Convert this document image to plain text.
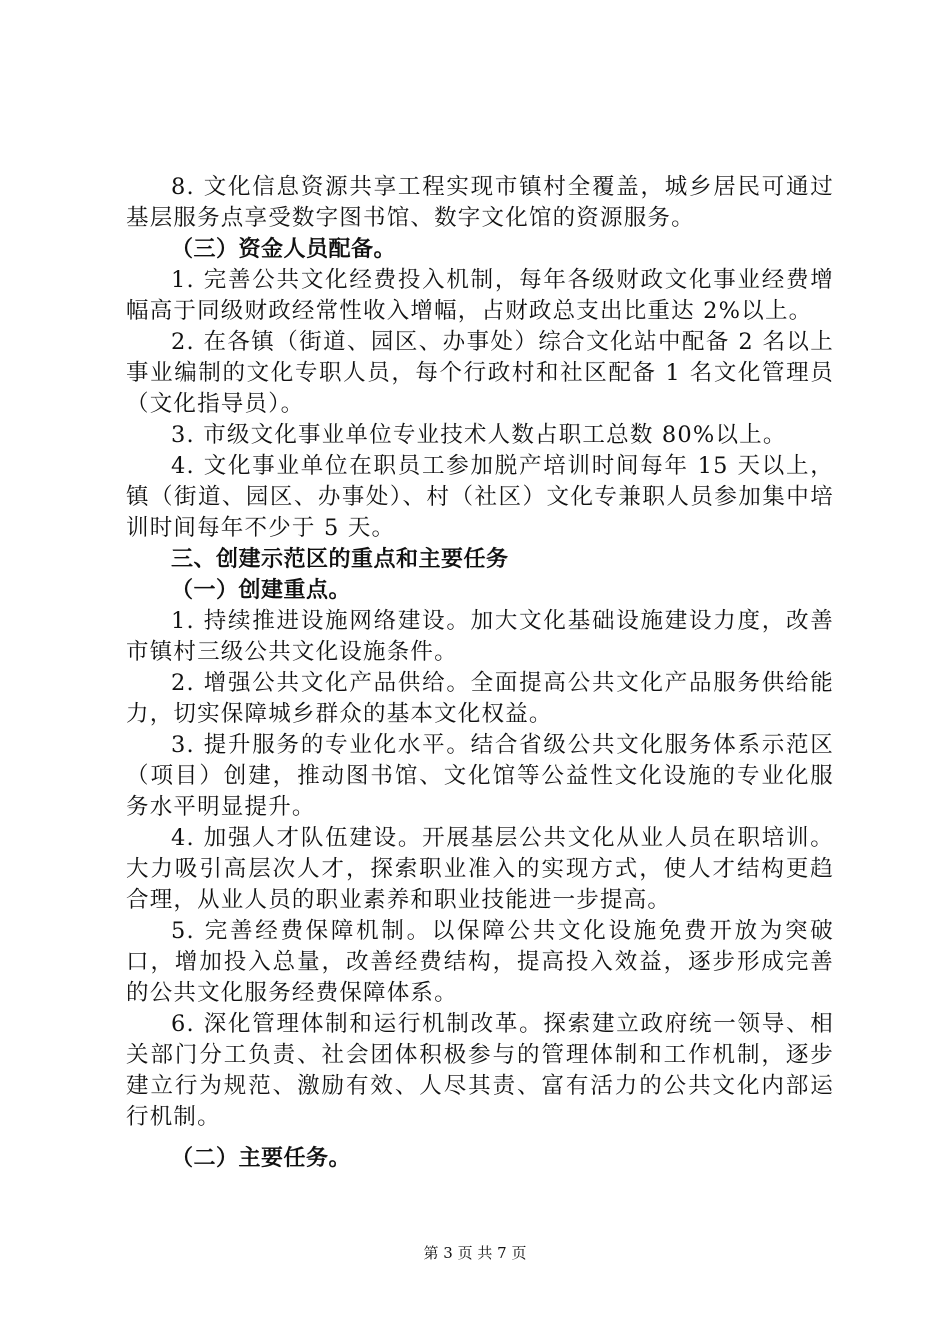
8. 文化信息资源共享工程实现市镇村全覆盖，城乡居民可通过基层服务点享受数字图书馆、数字文化馆的资源服务。

（三）资金人员配备。

1. 完善公共文化经费投入机制，每年各级财政文化事业经费增幅高于同级财政经常性收入增幅，占财政总支出比重达 2%以上。

2. 在各镇（街道、园区、办事处）综合文化站中配备 2 名以上事业编制的文化专职人员，每个行政村和社区配备 1 名文化管理员（文化指导员）。

3. 市级文化事业单位专业技术人数占职工总数 80%以上。

4. 文化事业单位在职员工参加脱产培训时间每年 15 天以上，镇（街道、园区、办事处）、村（社区）文化专兼职人员参加集中培训时间每年不少于 5 天。

三、创建示范区的重点和主要任务

（一）创建重点。

1. 持续推进设施网络建设。加大文化基础设施建设力度，改善市镇村三级公共文化设施条件。

2. 增强公共文化产品供给。全面提高公共文化产品服务供给能力，切实保障城乡群众的基本文化权益。

3. 提升服务的专业化水平。结合省级公共文化服务体系示范区（项目）创建，推动图书馆、文化馆等公益性文化设施的专业化服务水平明显提升。

4. 加强人才队伍建设。开展基层公共文化从业人员在职培训。大力吸引高层次人才，探索职业准入的实现方式，使人才结构更趋合理，从业人员的职业素养和职业技能进一步提高。

5. 完善经费保障机制。以保障公共文化设施免费开放为突破口，增加投入总量，改善经费结构，提高投入效益，逐步形成完善的公共文化服务经费保障体系。

6. 深化管理体制和运行机制改革。探索建立政府统一领导、相关部门分工负责、社会团体积极参与的管理体制和工作机制，逐步建立行为规范、激励有效、人尽其责、富有活力的公共文化内部运行机制。

（二）主要任务。

第 3 页 共 7 页
